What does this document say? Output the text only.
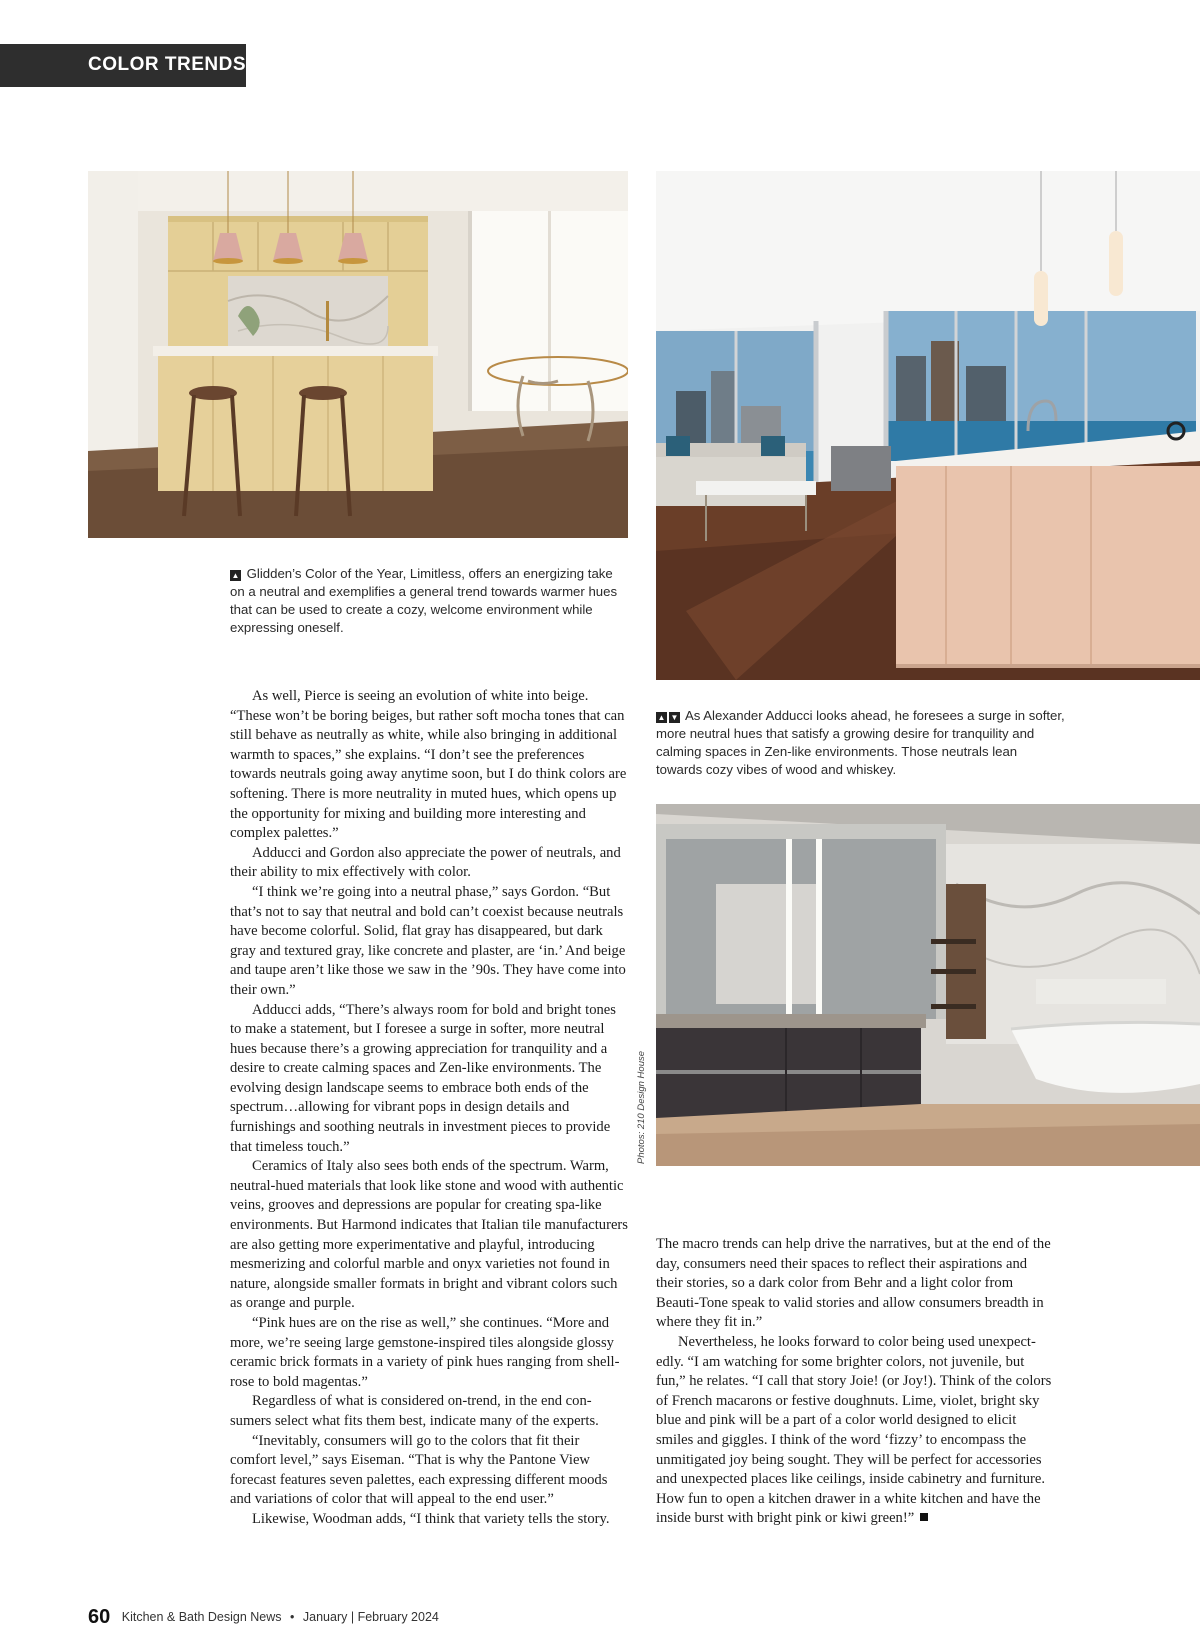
COLOR TRENDS
▲ Glidden’s Color of the Year, Limitless, offers an energizing take on a neutral and exemplifies a general trend towards warmer hues that can be used to create a cozy, welcome environment while expressing oneself.
▲ ▼ As Alexander Adducci looks ahead, he foresees a surge in softer, more neutral hues that satisfy a growing desire for tranquility and calming spaces in Zen-like environments. Those neutrals lean towards cozy vibes of wood and whiskey.
Photos: 210 Design House

As well, Pierce is seeing an evolution of white into beige. “These won’t be boring beiges, but rather soft mocha tones that can still behave as neutrally as white, while also bringing in additional warmth to spaces,” she explains. “I don’t see the preferences towards neutrals going away anytime soon, but I do think colors are softening. There is more neutrality in muted hues, which opens up the opportunity for mixing and building more interesting and complex palettes.”

Adducci and Gordon also appreciate the power of neutrals, and their ability to mix effectively with color.

“I think we’re going into a neutral phase,” says Gordon. “But that’s not to say that neutral and bold can’t coexist because neutrals have become colorful. Solid, flat gray has disappeared, but dark gray and textured gray, like concrete and plaster, are ‘in.’ And beige and taupe aren’t like those we saw in the ’90s. They have come into their own.”

Adducci adds, “There’s always room for bold and bright tones to make a statement, but I foresee a surge in softer, more neutral hues because there’s a growing appreciation for tranquility and a desire to create calming spaces and Zen-like environments. The evolving design landscape seems to embrace both ends of the spectrum…allowing for vibrant pops in design details and furnishings and soothing neutrals in investment pieces to provide that timeless touch.”

Ceramics of Italy also sees both ends of the spectrum. Warm, neutral-hued materials that look like stone and wood with authentic veins, grooves and depressions are popular for creating spa-like environments. But Harmond indicates that Italian tile manufacturers are also getting more experimentative and playful, introducing mesmerizing and colorful marble and onyx varieties not found in nature, alongside smaller formats in bright and vibrant colors such as orange and purple.

“Pink hues are on the rise as well,” she continues. “More and more, we’re seeing large gemstone-inspired tiles alongside glossy ceramic brick formats in a variety of pink hues ranging from shell-rose to bold magentas.”

Regardless of what is considered on-trend, in the end consumers select what fits them best, indicate many of the experts.

“Inevitably, consumers will go to the colors that fit their comfort level,” says Eiseman. “That is why the Pantone View forecast features seven palettes, each expressing different moods and variations of color that will appeal to the end user.”

Likewise, Woodman adds, “I think that variety tells the story.

The macro trends can help drive the narratives, but at the end of the day, consumers need their spaces to reflect their aspirations and their stories, so a dark color from Behr and a light color from Beauti-Tone speak to valid stories and allow consumers breadth in where they fit in.”

Nevertheless, he looks forward to color being used unexpectedly. “I am watching for some brighter colors, not juvenile, but fun,” he relates. “I call that story Joie! (or Joy!). Think of the colors of French macarons or festive doughnuts. Lime, violet, bright sky blue and pink will be a part of a color world designed to elicit smiles and giggles. I think of the word ‘fizzy’ to encompass the unmitigated joy being sought. They will be perfect for accessories and unexpected places like ceilings, inside cabinetry and furniture. How fun to open a kitchen drawer in a white kitchen and have the inside burst with bright pink or kiwi green!”

60 Kitchen & Bath Design News • January | February 2024
